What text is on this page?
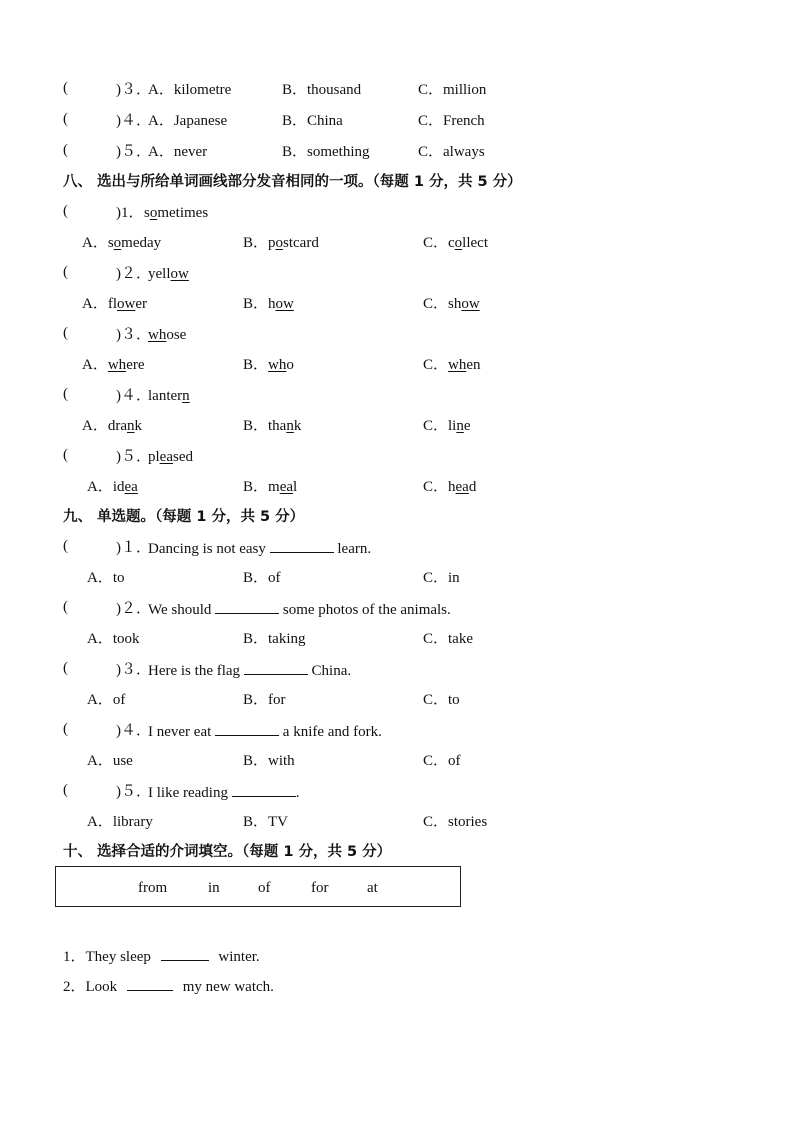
(	)３．
A．kilometre	B．thousand	C．million
(	)４．
A．Japanese	B．China	C．French
(	)５．
A．never	B．something	C．always
八、 选出与所给单词画线部分发音相同的一项。（每题 1 分，共 5 分）
(	)1． sometimes
A．someday	B．postcard	C．collect
(	)２．
yellow
A．flower	B．how	C．show
(	)３．
whose
A．where	B．who	C．when
(	)４．
lantern
A．drank	B．thank	C．line
(	)５．
pleased
A．idea	B．meal	C．head
九、 单选题。（每题 1 分，共 5 分）
(	)１．
Dancing is not easy	learn.
A．to	B．of	C．in
(	)２．
We should	some photos of the animals.
A．took	B．taking	C．take
(	)３．
Here is the flag	China.
A．of	B．for	C．to
(	)４．
I never eat	a knife and fork.
A．use	B．with	C．of
(	)５．
I like reading	.
A．library	B．TV	C．stories
十、 选择合适的介词填空。（每题 1 分，共 5 分）
from	in	of	for	at
1．They sleep	winter.
2．Look	my new watch.
